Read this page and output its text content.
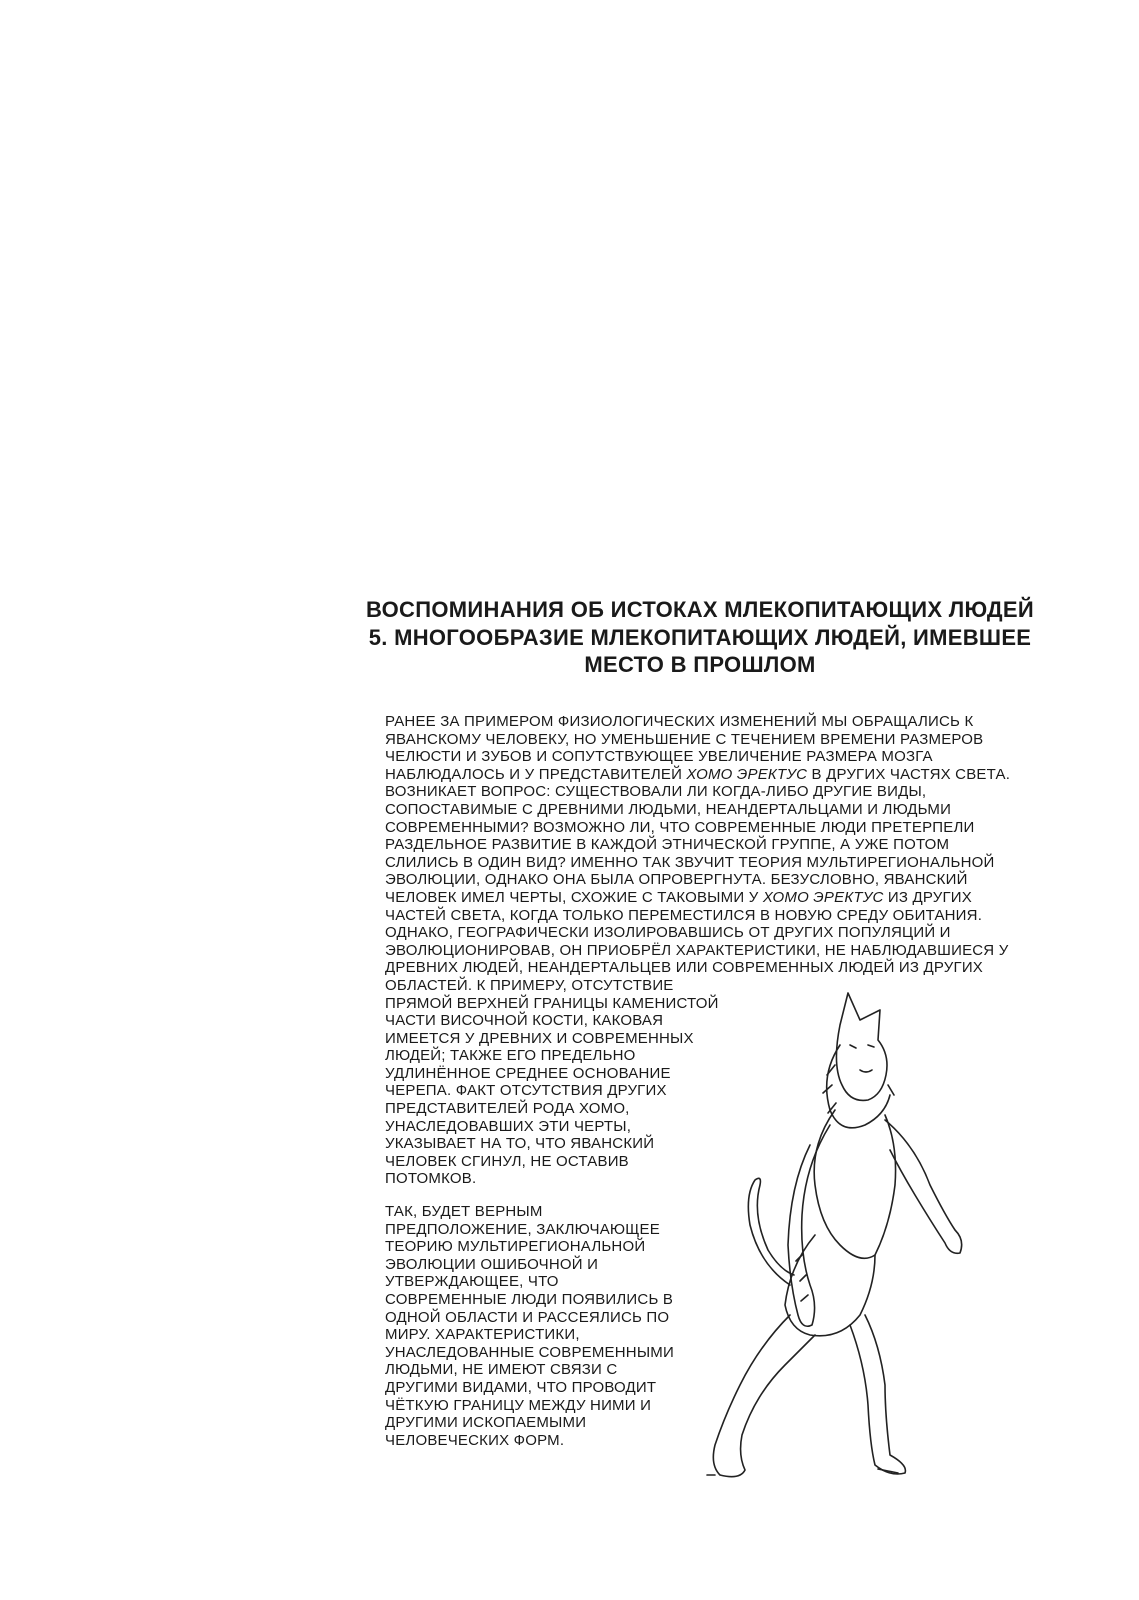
ВОСПОМИНАНИЯ ОБ ИСТОКАХ МЛЕКОПИТАЮЩИХ ЛЮДЕЙ
5. МНОГООБРАЗИЕ МЛЕКОПИТАЮЩИХ ЛЮДЕЙ, ИМЕВШЕЕ
МЕСТО В ПРОШЛОМ
РАНЕЕ ЗА ПРИМЕРОМ ФИЗИОЛОГИЧЕСКИХ ИЗМЕНЕНИЙ МЫ ОБРАЩАЛИСЬ К
ЯВАНСКОМУ ЧЕЛОВЕКУ, НО УМЕНЬШЕНИЕ С ТЕЧЕНИЕМ ВРЕМЕНИ РАЗМЕРОВ
ЧЕЛЮСТИ И ЗУБОВ И СОПУТСТВУЮЩЕЕ УВЕЛИЧЕНИЕ РАЗМЕРА МОЗГА
НАБЛЮДАЛОСЬ И У ПРЕДСТАВИТЕЛЕЙ ХОМО ЭРЕКТУС В ДРУГИХ ЧАСТЯХ СВЕТА.
ВОЗНИКАЕТ ВОПРОС: СУЩЕСТВОВАЛИ ЛИ КОГДА-ЛИБО ДРУГИЕ ВИДЫ,
СОПОСТАВИМЫЕ С ДРЕВНИМИ ЛЮДЬМИ, НЕАНДЕРТАЛЬЦАМИ И ЛЮДЬМИ
СОВРЕМЕННЫМИ? ВОЗМОЖНО ЛИ, ЧТО СОВРЕМЕННЫЕ ЛЮДИ ПРЕТЕРПЕЛИ
РАЗДЕЛЬНОЕ РАЗВИТИЕ В КАЖДОЙ ЭТНИЧЕСКОЙ ГРУППЕ, А УЖЕ ПОТОМ
СЛИЛИСЬ В ОДИН ВИД? ИМЕННО ТАК ЗВУЧИТ ТЕОРИЯ МУЛЬТИРЕГИОНАЛЬНОЙ
ЭВОЛЮЦИИ, ОДНАКО ОНА БЫЛА ОПРОВЕРГНУТА. БЕЗУСЛОВНО, ЯВАНСКИЙ
ЧЕЛОВЕК ИМЕЛ ЧЕРТЫ, СХОЖИЕ С ТАКОВЫМИ У ХОМО ЭРЕКТУС ИЗ ДРУГИХ
ЧАСТЕЙ СВЕТА, КОГДА ТОЛЬКО ПЕРЕМЕСТИЛСЯ В НОВУЮ СРЕДУ ОБИТАНИЯ.
ОДНАКО, ГЕОГРАФИЧЕСКИ ИЗОЛИРОВАВШИСЬ ОТ ДРУГИХ ПОПУЛЯЦИЙ И
ЭВОЛЮЦИОНИРОВАВ, ОН ПРИОБРЁЛ ХАРАКТЕРИСТИКИ, НЕ НАБЛЮДАВШИЕСЯ У
ДРЕВНИХ ЛЮДЕЙ, НЕАНДЕРТАЛЬЦЕВ ИЛИ СОВРЕМЕННЫХ ЛЮДЕЙ ИЗ ДРУГИХ
ОБЛАСТЕЙ. К ПРИМЕРУ, ОТСУТСТВИЕ
ПРЯМОЙ ВЕРХНЕЙ ГРАНИЦЫ КАМЕНИСТОЙ
ЧАСТИ ВИСОЧНОЙ КОСТИ, КАКОВАЯ
ИМЕЕТСЯ У ДРЕВНИХ И СОВРЕМЕННЫХ
ЛЮДЕЙ; ТАКЖЕ ЕГО ПРЕДЕЛЬНО
УДЛИНЁННОЕ СРЕДНЕЕ ОСНОВАНИЕ
ЧЕРЕПА. ФАКТ ОТСУТСТВИЯ ДРУГИХ
ПРЕДСТАВИТЕЛЕЙ РОДА ХОМО,
УНАСЛЕДОВАВШИХ ЭТИ ЧЕРТЫ,
УКАЗЫВАЕТ НА ТО, ЧТО ЯВАНСКИЙ
ЧЕЛОВЕК СГИНУЛ, НЕ ОСТАВИВ
ПОТОМКОВ.
ТАК, БУДЕТ ВЕРНЫМ
ПРЕДПОЛОЖЕНИЕ, ЗАКЛЮЧАЮЩЕЕ
ТЕОРИЮ МУЛЬТИРЕГИОНАЛЬНОЙ
ЭВОЛЮЦИИ ОШИБОЧНОЙ И
УТВЕРЖДАЮЩЕЕ, ЧТО
СОВРЕМЕННЫЕ ЛЮДИ ПОЯВИЛИСЬ В
ОДНОЙ ОБЛАСТИ И РАССЕЯЛИСЬ ПО
МИРУ. ХАРАКТЕРИСТИКИ,
УНАСЛЕДОВАННЫЕ СОВРЕМЕННЫМИ
ЛЮДЬМИ, НЕ ИМЕЮТ СВЯЗИ С
ДРУГИМИ ВИДАМИ, ЧТО ПРОВОДИТ
ЧЁТКУЮ ГРАНИЦУ МЕЖДУ НИМИ И
ДРУГИМИ ИСКОПАЕМЫМИ
ЧЕЛОВЕЧЕСКИХ ФОРМ.
